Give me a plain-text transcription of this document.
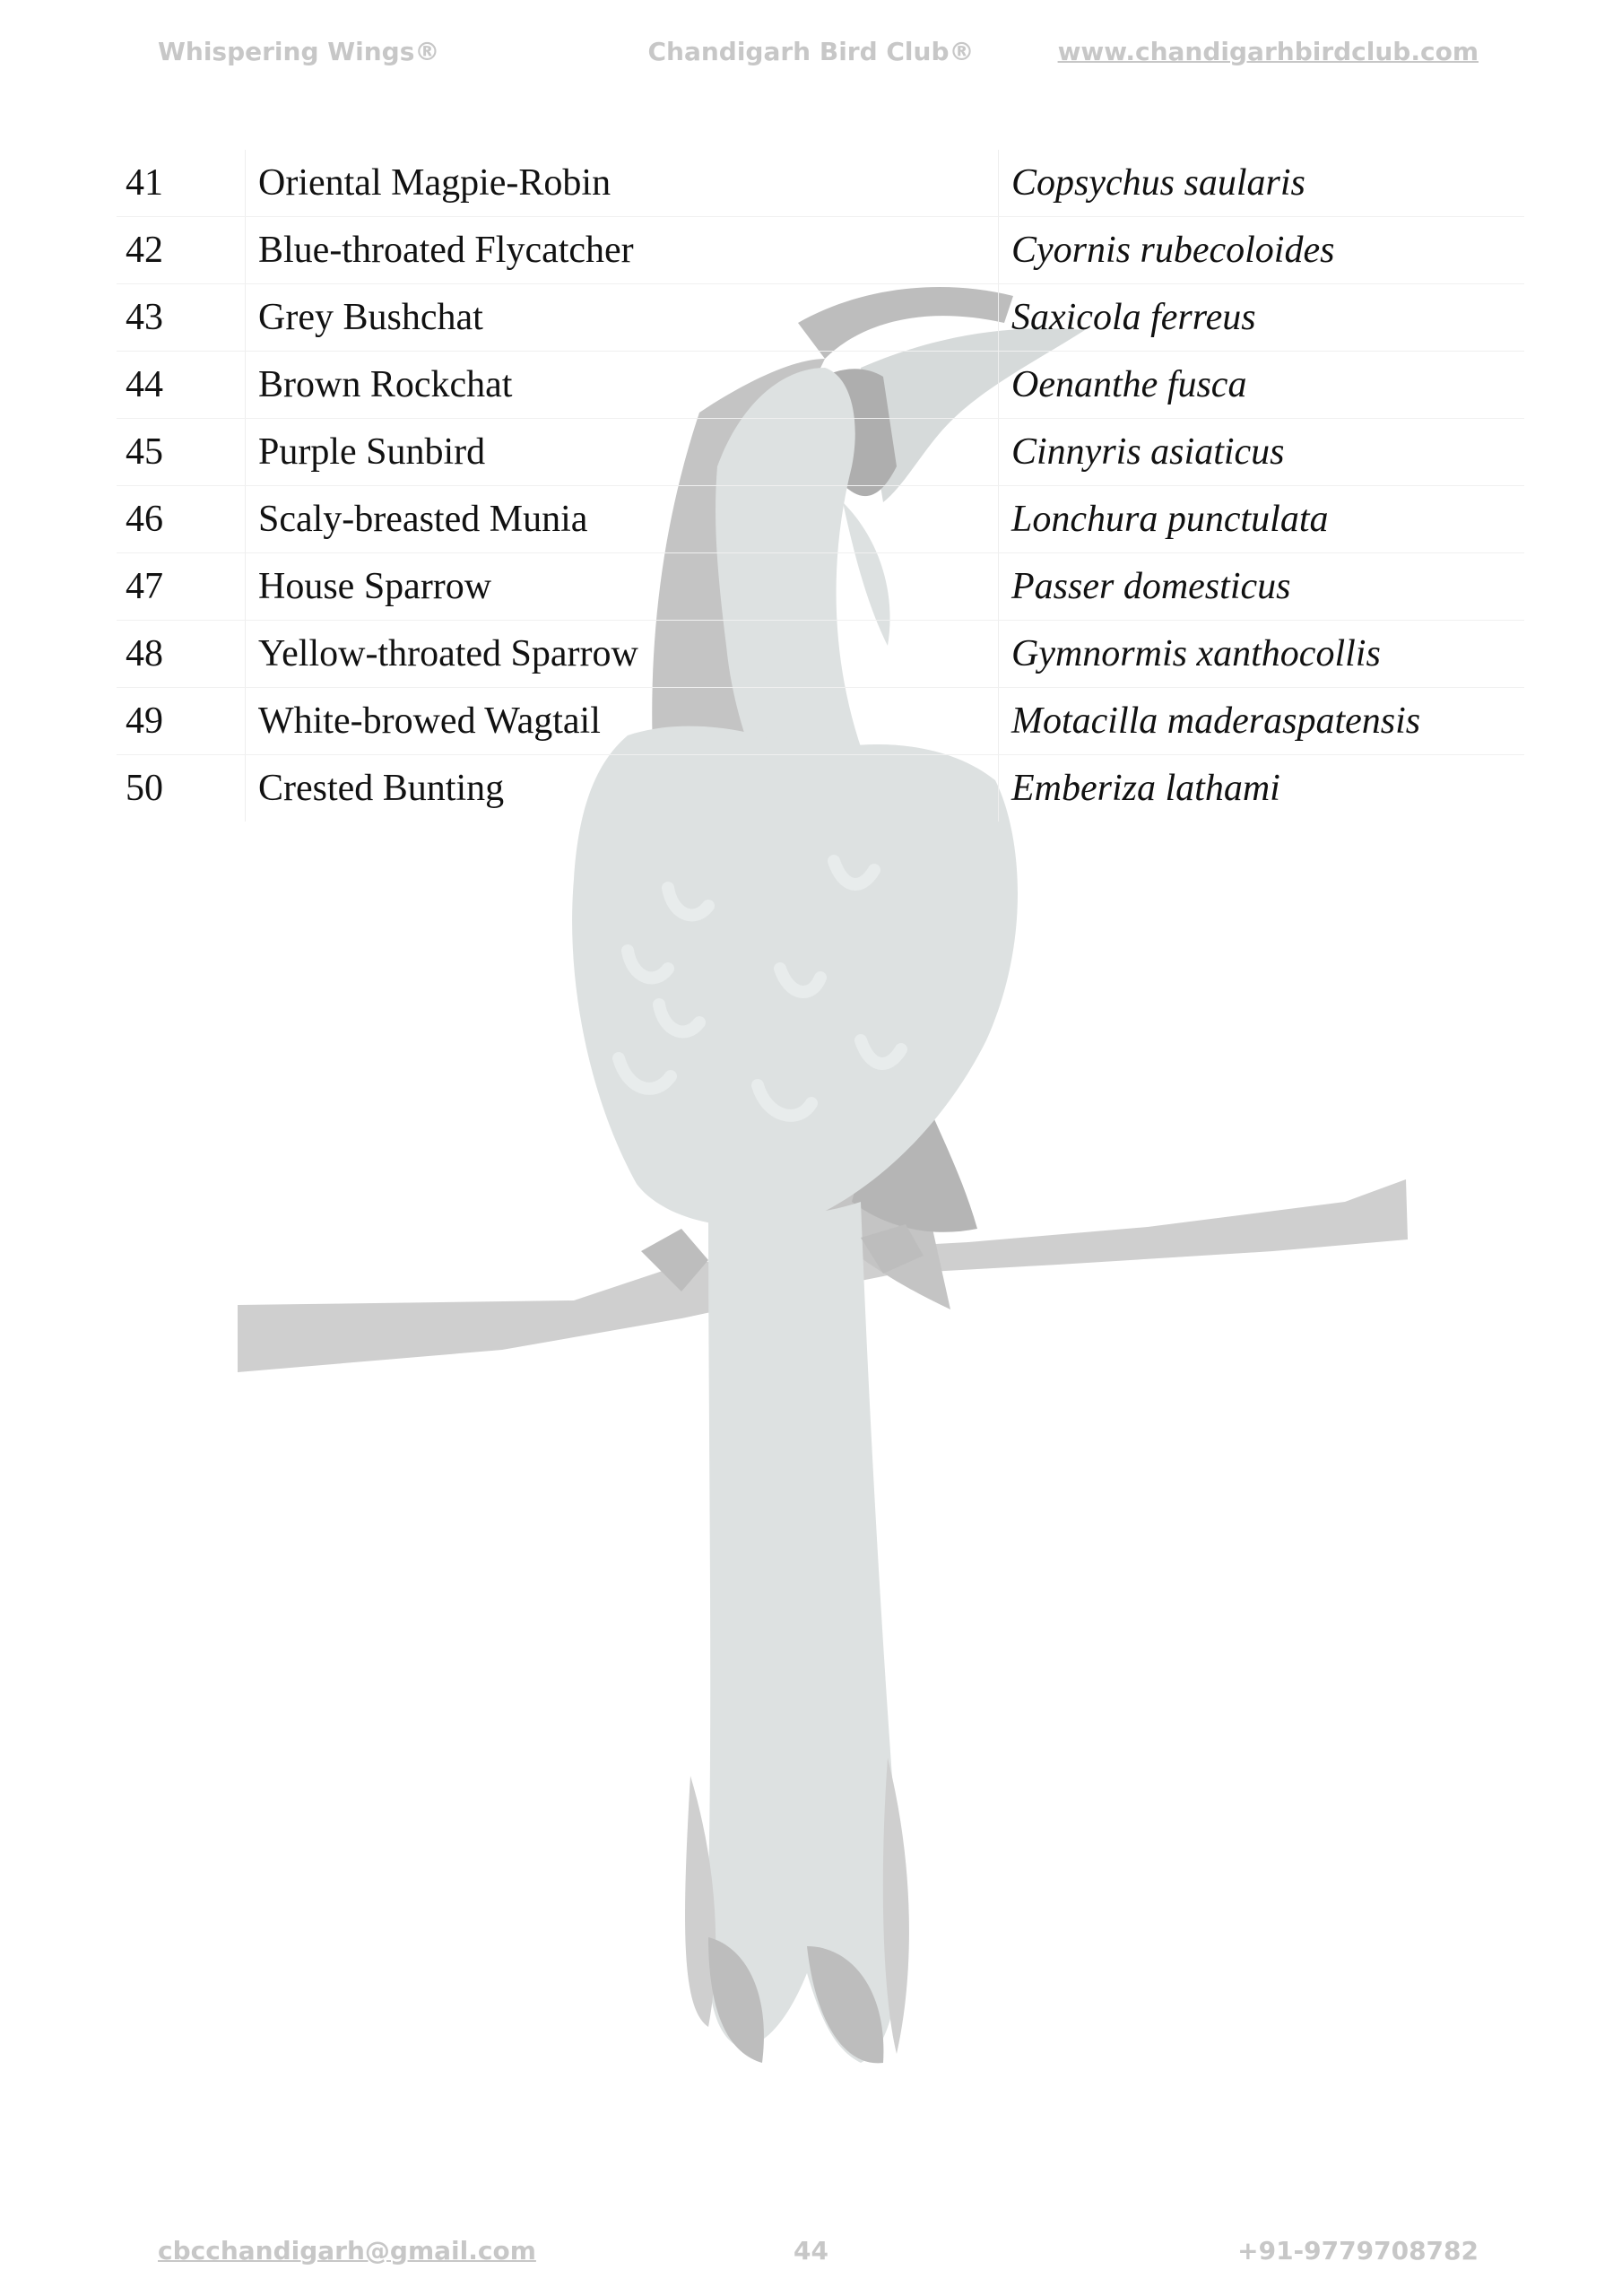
Whispering Wings®	Chandigarh Bird Club®	www.chandigarhbirdclub.com
41	Oriental Magpie-Robin	Copsychus saularis
42	Blue-throated Flycatcher	Cyornis rubecoloides
43	Grey Bushchat	Saxicola ferreus
44	Brown Rockchat	Oenanthe fusca
45	Purple Sunbird	Cinnyris asiaticus
46	Scaly-breasted Munia	Lonchura punctulata
47	House Sparrow	Passer domesticus
48	Yellow-throated Sparrow	Gymnormis xanthocollis
49	White-browed Wagtail	Motacilla maderaspatensis
50	Crested Bunting	Emberiza lathami
cbcchandigarh@gmail.com	44	+91-9779708782
